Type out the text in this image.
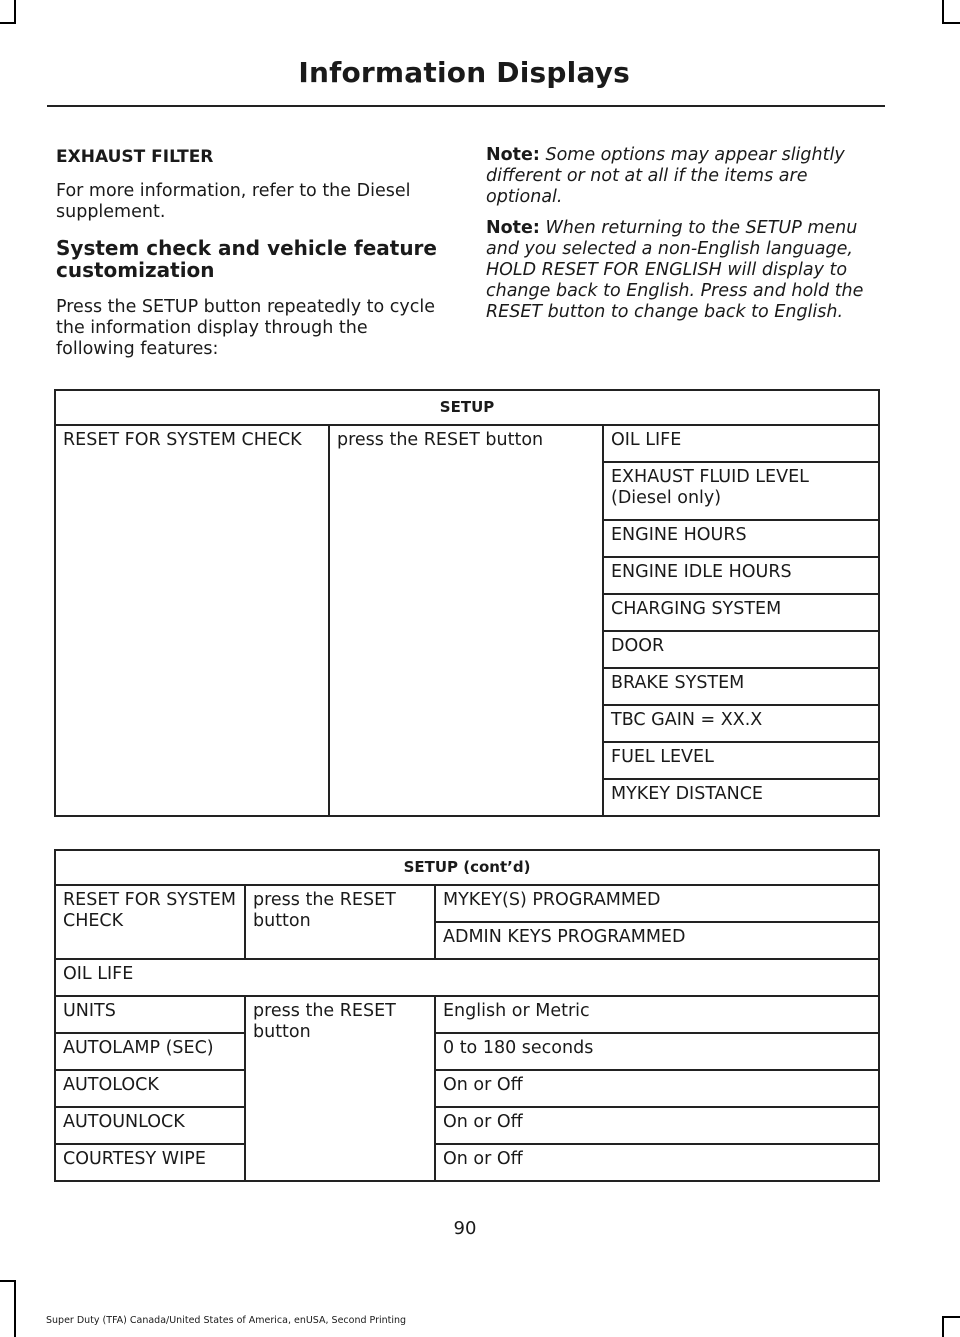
Information Displays
EXHAUST FILTER

For more information, refer to the Diesel supplement.

System check and vehicle feature customization

Press the SETUP button repeatedly to cycle the information display through the following features:

Note: Some options may appear slightly different or not at all if the items are optional.

Note: When returning to the SETUP menu and you selected a non-English language, HOLD RESET FOR ENGLISH will display to change back to English. Press and hold the RESET button to change back to English.

SETUP
RESET FOR SYSTEM CHECK	press the RESET button	OIL LIFE
EXHAUST FLUID LEVEL (Diesel only)
ENGINE HOURS
ENGINE IDLE HOURS
CHARGING SYSTEM
DOOR
BRAKE SYSTEM
TBC GAIN = XX.X
FUEL LEVEL
MYKEY DISTANCE
SETUP (cont’d)		
RESET FOR SYSTEM CHECK	press the RESET button	MYKEY(S) PROGRAMMED
		ADMIN KEYS PROGRAMMED
OIL LIFE		
UNITS	press the RESET button	English or Metric
AUTOLAMP (SEC)		0 to 180 seconds
AUTOLOCK		On or Off
AUTOUNLOCK		On or Off
COURTESY WIPE		On or Off
90
Super Duty (TFA) Canada/United States of America, enUSA, Second Printing
